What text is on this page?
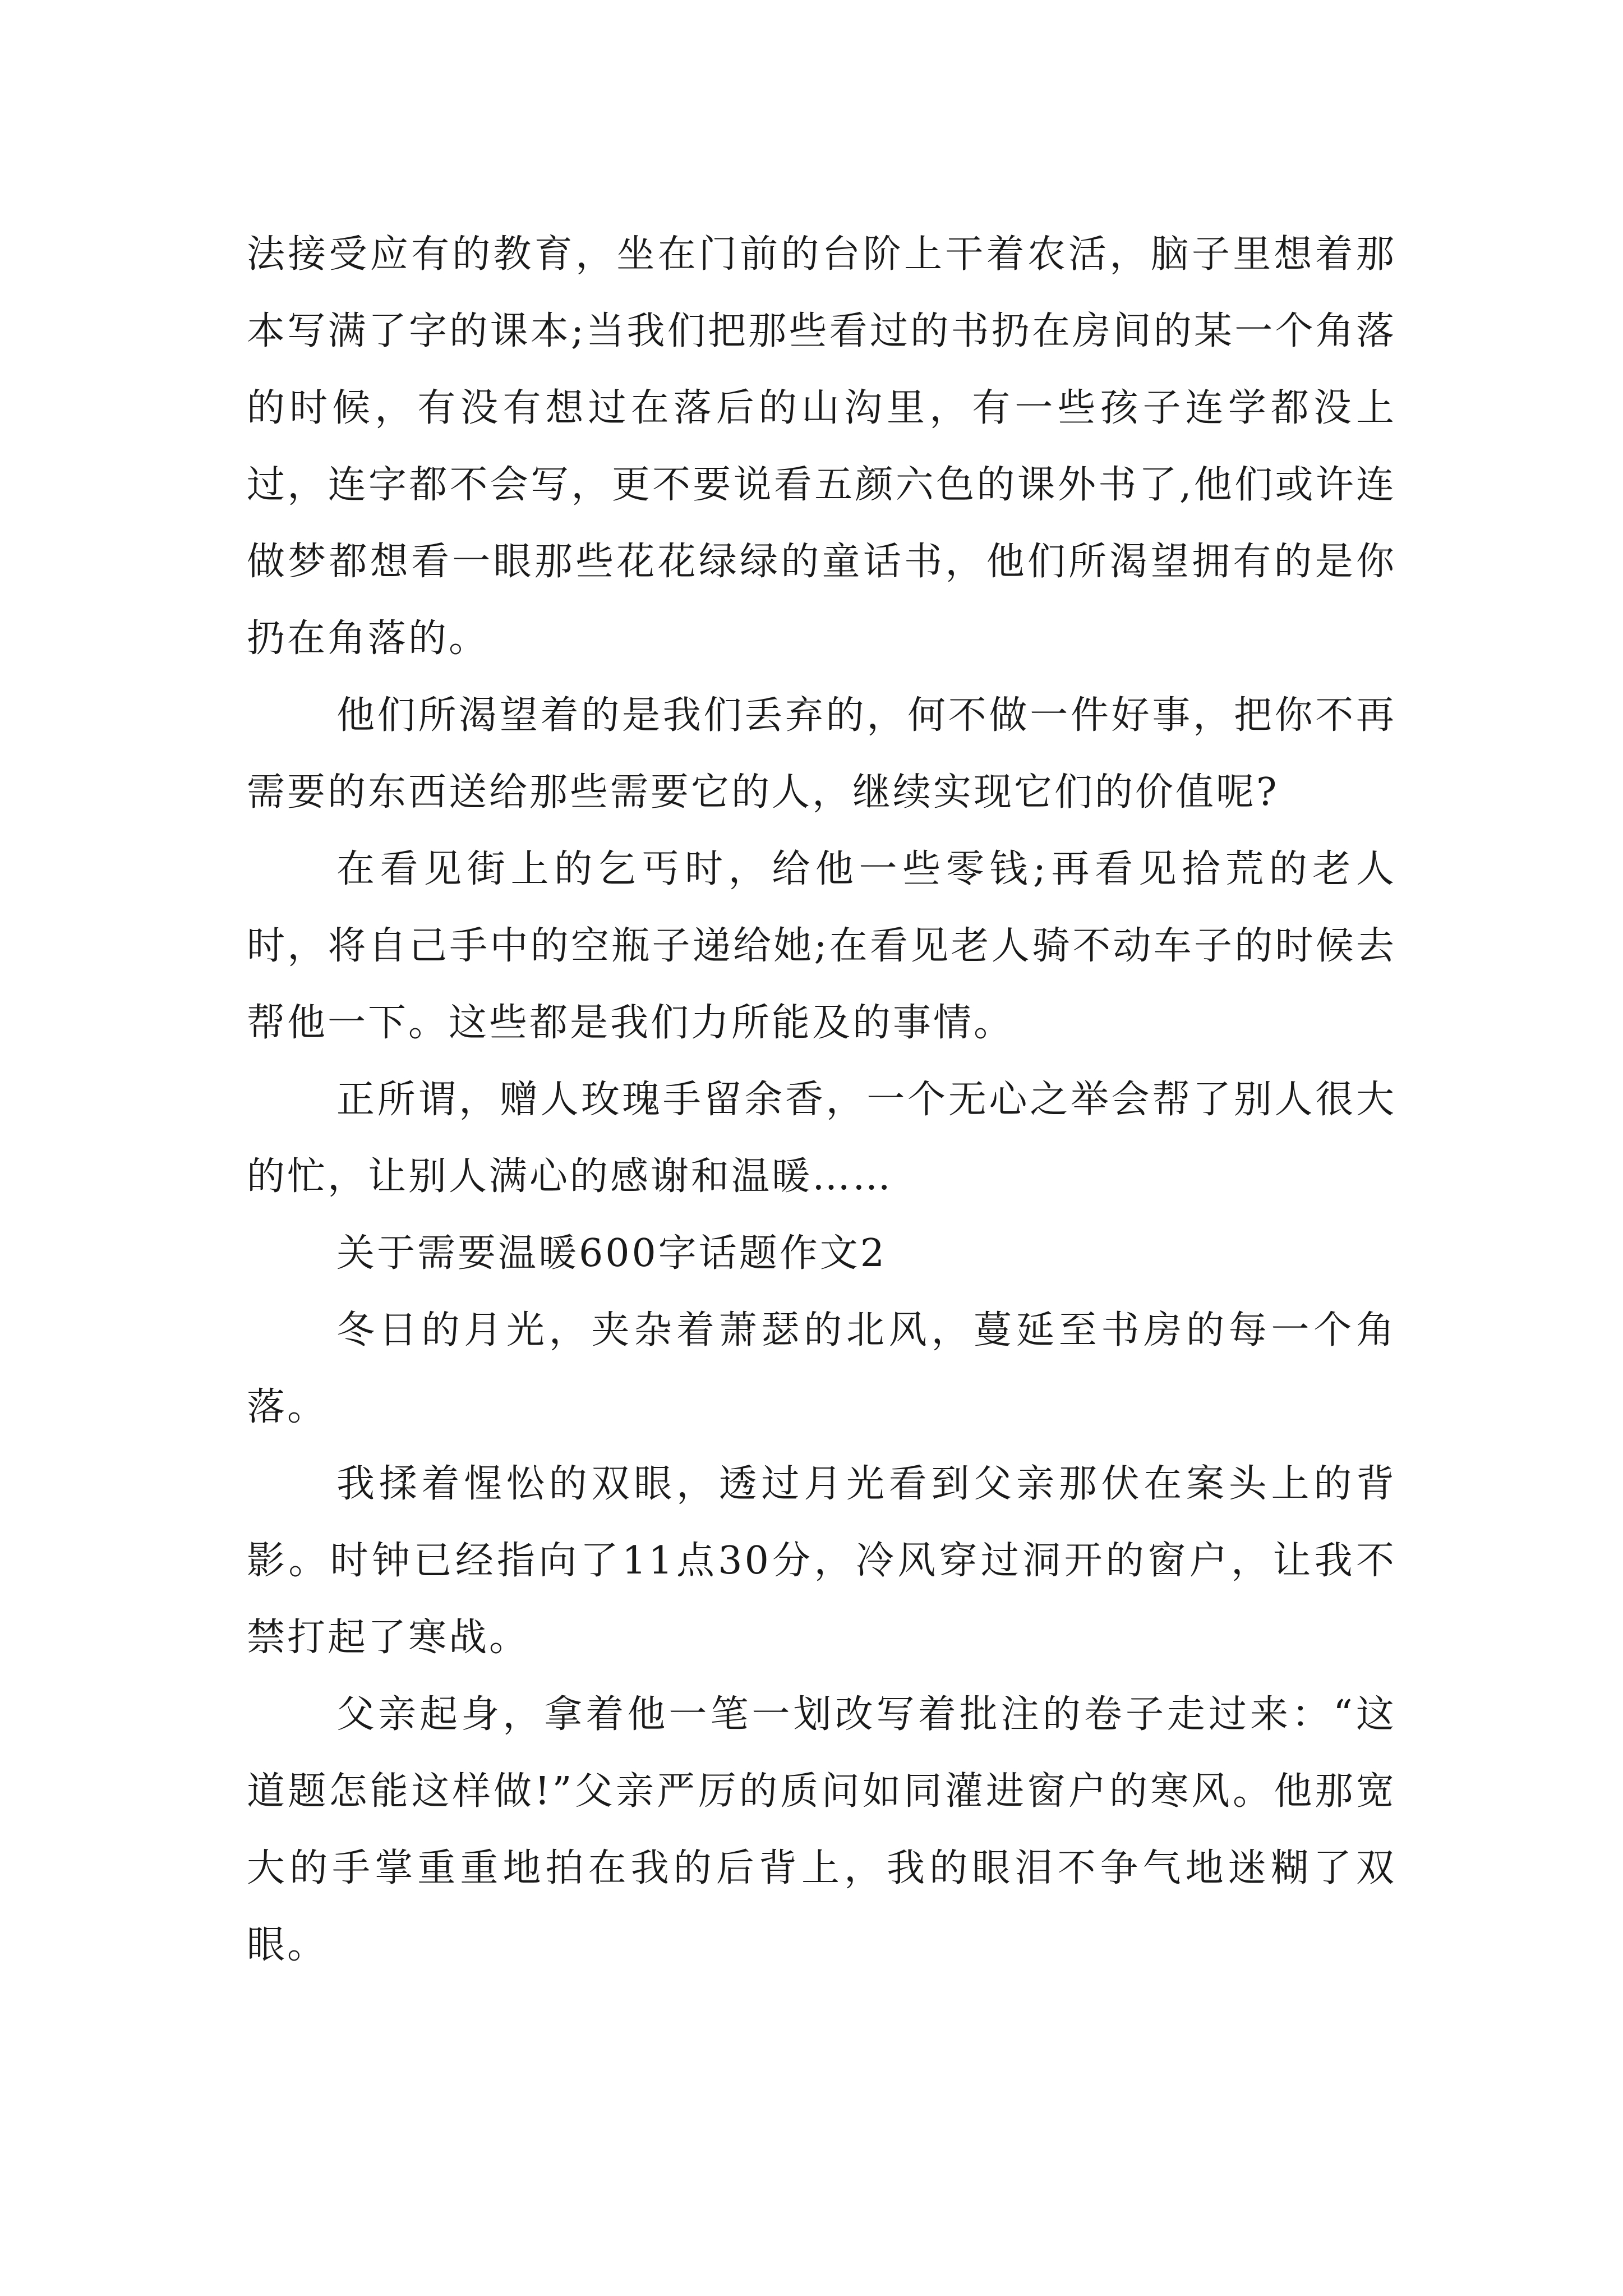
法接受应有的教育，坐在门前的台阶上干着农活，脑子里想着那本写满了字的课本;当我们把那些看过的书扔在房间的某一个角落的时候，有没有想过在落后的山沟里，有一些孩子连学都没上过，连字都不会写，更不要说看五颜六色的课外书了,他们或许连做梦都想看一眼那些花花绿绿的童话书，他们所渴望拥有的是你扔在角落的。

他们所渴望着的是我们丢弃的，何不做一件好事，把你不再需要的东西送给那些需要它的人，继续实现它们的价值呢?

在看见街上的乞丐时，给他一些零钱;再看见拾荒的老人时，将自己手中的空瓶子递给她;在看见老人骑不动车子的时候去帮他一下。这些都是我们力所能及的事情。

正所谓，赠人玫瑰手留余香，一个无心之举会帮了别人很大的忙，让别人满心的感谢和温暖……

关于需要温暖600字话题作文2

冬日的月光，夹杂着萧瑟的北风，蔓延至书房的每一个角落。

我揉着惺忪的双眼，透过月光看到父亲那伏在案头上的背影。时钟已经指向了11点30分，冷风穿过洞开的窗户，让我不禁打起了寒战。

父亲起身，拿着他一笔一划改写着批注的卷子走过来：“这道题怎能这样做!”父亲严厉的质问如同灌进窗户的寒风。他那宽大的手掌重重地拍在我的后背上，我的眼泪不争气地迷糊了双眼。
